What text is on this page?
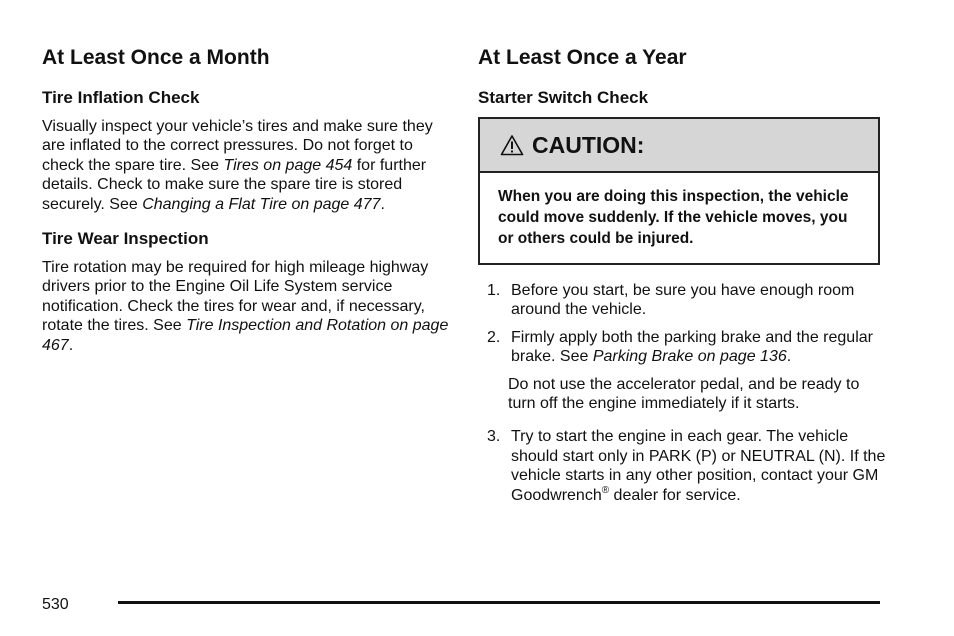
At Least Once a Month
Tire Inflation Check

Visually inspect your vehicle’s tires and make sure they are inflated to the correct pressures. Do not forget to check the spare tire. See Tires on page 454 for further details. Check to make sure the spare tire is stored securely. See Changing a Flat Tire on page 477.

Tire Wear Inspection

Tire rotation may be required for high mileage highway drivers prior to the Engine Oil Life System service notification. Check the tires for wear and, if necessary, rotate the tires. See Tire Inspection and Rotation on page 467.

At Least Once a Year
Starter Switch Check
CAUTION:
When you are doing this inspection, the vehicle could move suddenly. If the vehicle moves, you or others could be injured.
1. Before you start, be sure you have enough room around the vehicle.
2. Firmly apply both the parking brake and the regular brake. See Parking Brake on page 136.

Do not use the accelerator pedal, and be ready to turn off the engine immediately if it starts.

3. Try to start the engine in each gear. The vehicle should start only in PARK (P) or NEUTRAL (N). If the vehicle starts in any other position, contact your GM Goodwrench® dealer for service.
530
